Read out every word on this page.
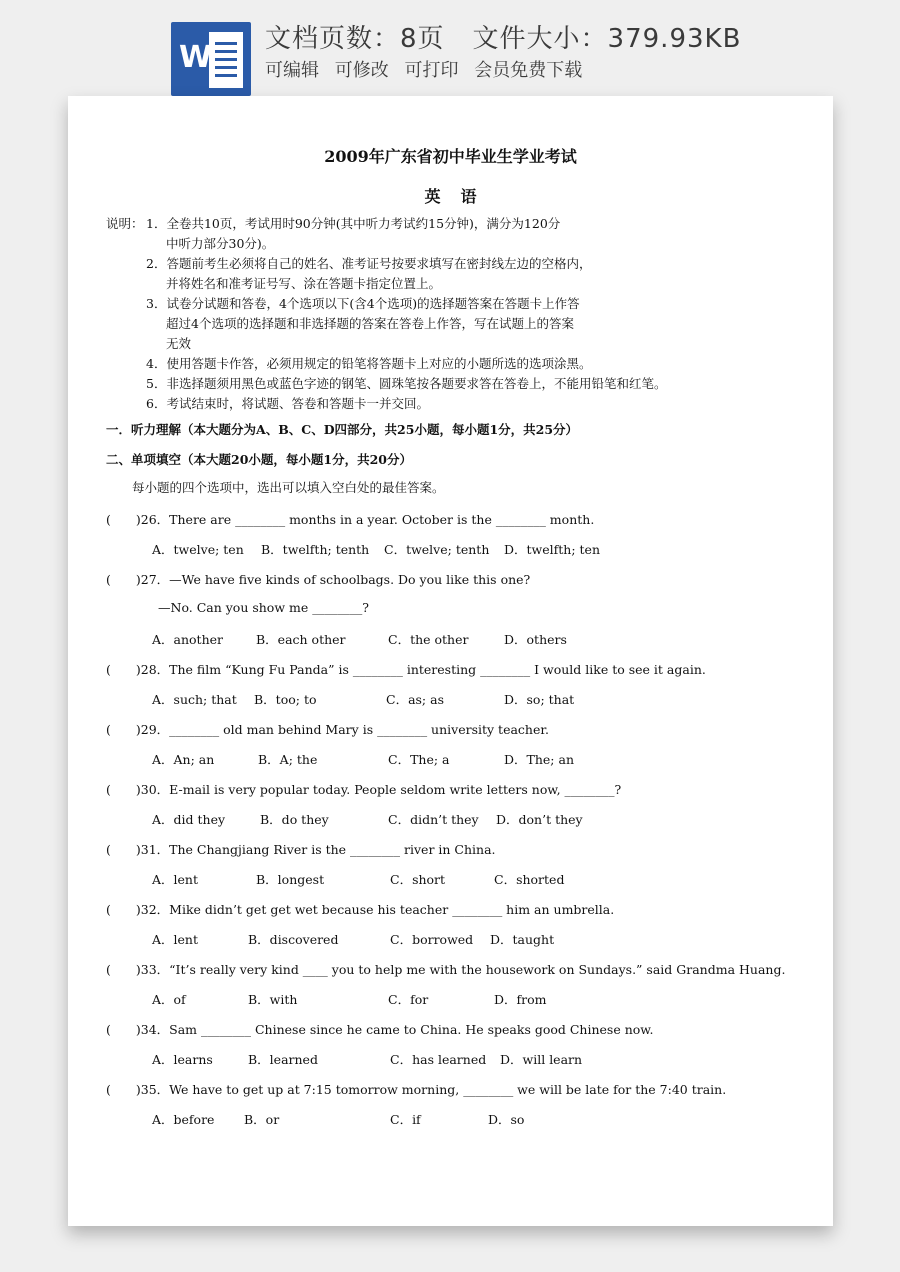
W
文档页数：8页 文件大小：379.93KB
可编辑 可修改 可打印 会员免费下载
2009年广东省初中毕业生学业考试
英语
说明： 1．全卷共10页，考试用时90分钟(其中听力考试约15分钟)，满分为120分
中听力部分30分)。
2．答题前考生必须将自己的姓名、准考证号按要求填写在密封线左边的空格内，
并将姓名和准考证号写、涂在答题卡指定位置上。
3．试卷分试题和答卷，4个选项以下(含4个选项)的选择题答案在答题卡上作答
超过4个选项的选择题和非选择题的答案在答卷上作答，写在试题上的答案
无效
4．使用答题卡作答，必须用规定的铅笔将答题卡上对应的小题所选的选项涂黑。
5．非选择题须用黑色或蓝色字迹的钢笔、圆珠笔按各题要求答在答卷上，不能用铅笔和红笔。
6．考试结束时，将试题、答卷和答题卡一并交回。
一．听力理解（本大题分为A、B、C、D四部分，共25小题，每小题1分，共25分）
二、单项填空（本大题20小题，每小题1分，共20分）
每小题的四个选项中，选出可以填入空白处的最佳答案。
(　　)26．There are ________ months in a year. October is the ________ month.
A．twelve; ten B．twelfth; tenth C．twelve; tenth D．twelfth; ten
(　　)27．—We have five kinds of schoolbags. Do you like this one?
—No. Can you show me ________?
A．another	B．each other	C．the other	D．others
(　　)28．The film “Kung Fu Panda” is ________ interesting ________ I would like to see it again.
A．such; that B．too; to	C．as; as	D．so; that
(　　)29．________ old man behind Mary is ________ university teacher.
A．An; an	B．A; the	C．The; a	D．The; an
(　　)30．E-mail is very popular today. People seldom write letters now, ________?
A．did they	B．do they	C．didn’t they D．don’t they
(　　)31．The Changjiang River is the ________ river in China.
A．lent	B．longest	C．short	C．shorted
(　　)32．Mike didn’t get get wet because his teacher ________ him an umbrella.
A．lent	B．discovered	C．borrowed D．taught
(　　)33．“It’s really very kind ____ you to help me with the housework on Sundays.” said Grandma Huang.
A．of	B．with	C．for	D．from
(　　)34．Sam ________ Chinese since he came to China. He speaks good Chinese now.
A．learns	B．learned	C．has learned D．will learn
(　　)35．We have to get up at 7:15 tomorrow morning, ________ we will be late for the 7:40 train.
A．before B．or	C．if	D．so
